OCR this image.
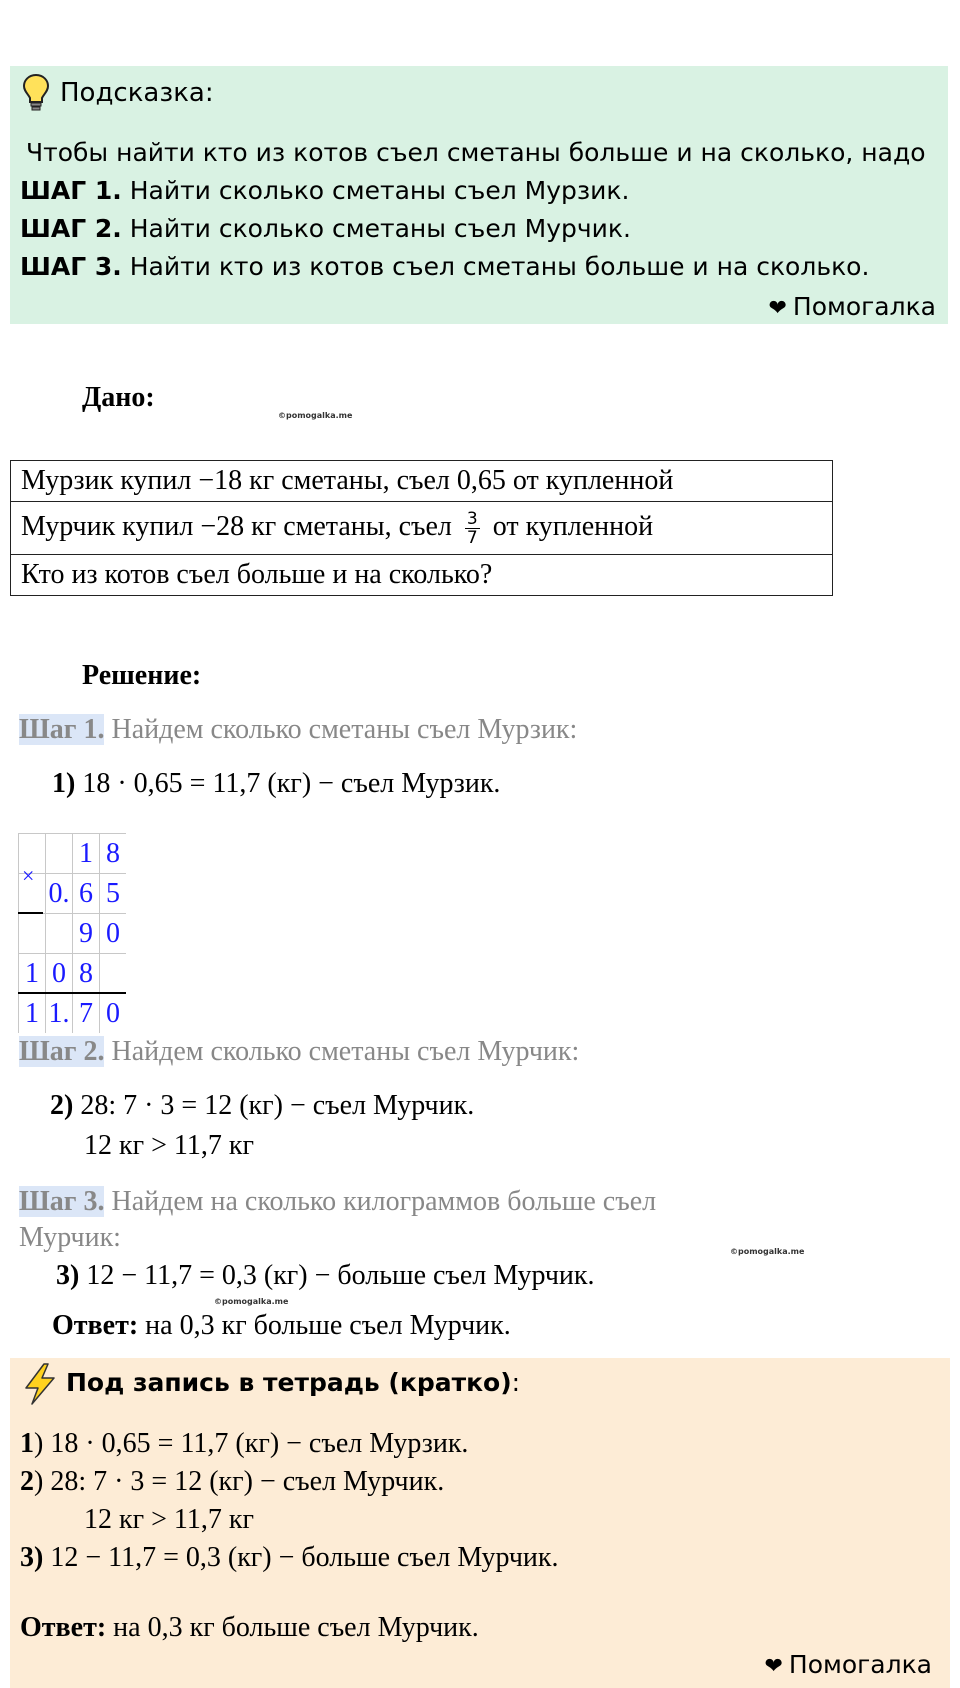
Подсказка:
Чтобы найти кто из котов съел сметаны больше и на сколько, надо
ШАГ 1. Найти сколько сметаны съел Мурзик.
ШАГ 2. Найти сколько сметаны съел Мурчик.
ШАГ 3. Найти кто из котов съел сметаны больше и на сколько.
❤ Помогалка
Дано:
©pomogalka.me
Мурзик купил −18 кг сметаны, съел 0,65 от купленной
Мурчик купил −28 кг сметаны, съел $\frac{3}{7}$ от купленной
Кто из котов съел больше и на сколько?
Решение:
Шаг 1. Найдем сколько сметаны съел Мурзик:
1) 18 · 0,65 = 11,7 (кг) − съел Мурзик.
1 8
0. 6 5
9 0
1 0 8
1 1. 7 0
×
Шаг 2. Найдем сколько сметаны съел Мурчик:
2) 28: 7 · 3 = 12 (кг) − съел Мурчик.
12 кг > 11,7 кг
Шаг 3. Найдем на сколько килограммов больше съел
Мурчик:	©pomogalka.me
3) 12 − 11,7 = 0,3 (кг) − больше съел Мурчик.
©pomogalka.me
Ответ: на 0,3 кг больше съел Мурчик.
Под запись в тетрадь (кратко):
1) 18 · 0,65 = 11,7 (кг) − съел Мурзик.
2) 28: 7 · 3 = 12 (кг) − съел Мурчик.
12 кг > 11,7 кг
3) 12 − 11,7 = 0,3 (кг) − больше съел Мурчик.
Ответ: на 0,3 кг больше съел Мурчик.
❤ Помогалка
